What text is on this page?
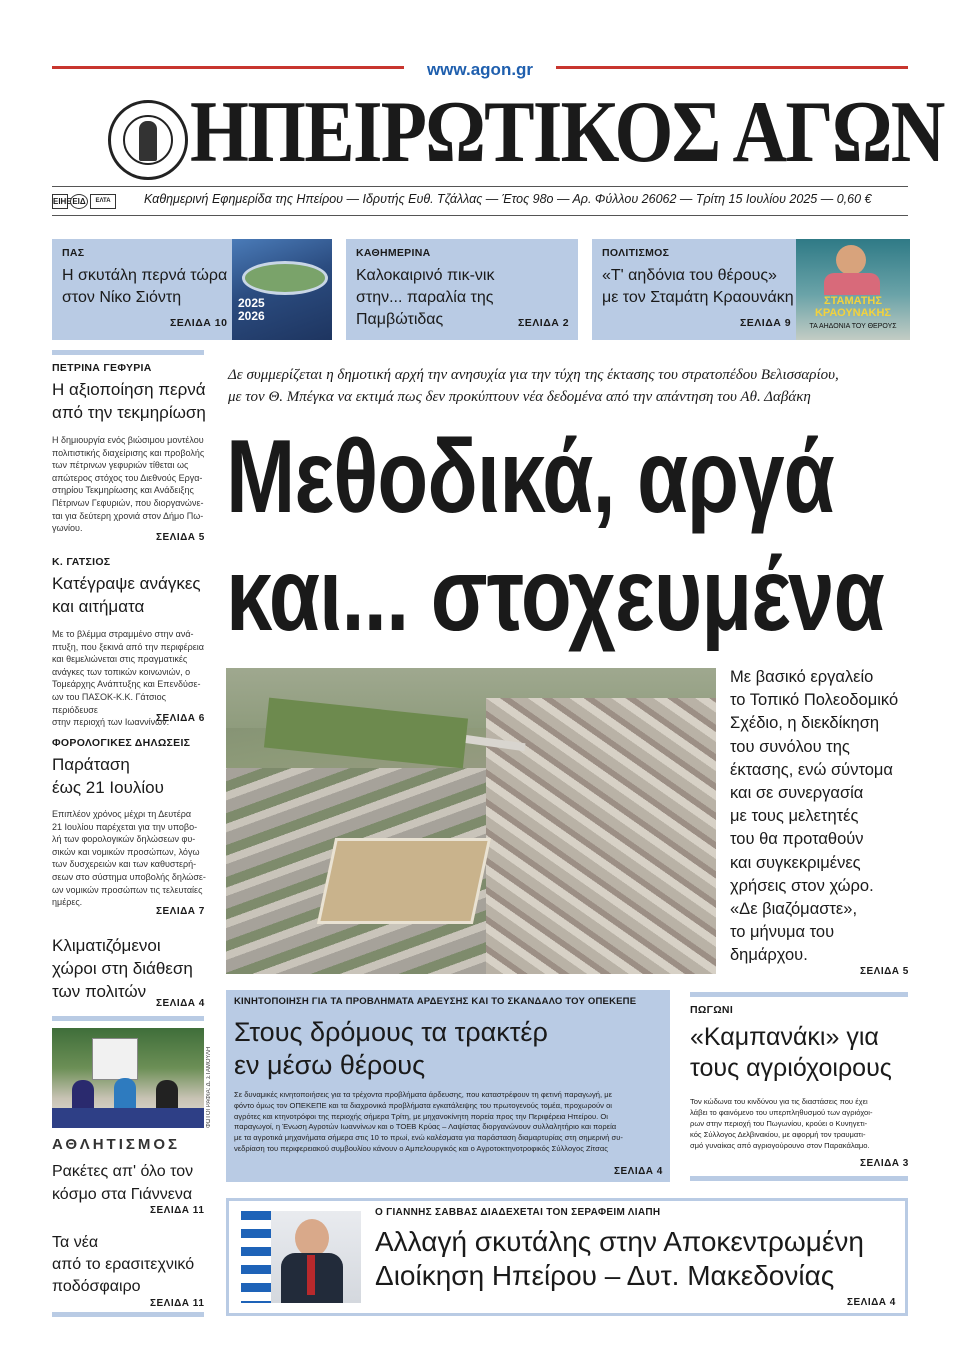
www.agon.gr
ΗΠΕΙΡΩΤΙΚΟΣ ΑΓΩΝ
ΕΙΗΕ ΕΙΔ	ΕΛΤΑ	Καθημερινή Εφημερίδα της Ηπείρου — Ιδρυτής Ευθ. Τζάλλας — Έτος 98ο — Αρ. Φύλλου 26062 — Τρίτη 15 Ιουλίου 2025 — 0,60 €
ΠΑΣ
Η σκυτάλη περνά τώρα
στον Νίκο Σιόντη
ΣΕΛΙΔΑ 10
2025 2026
ΚΑΘΗΜΕΡΙΝΑ
Καλοκαιρινό πικ-νικ
στην... παραλία της Παμβώτιδας	ΣΕΛΙΔΑ 2
ΠΟΛΙΤΙΣΜΟΣ
«Τ' αηδόνια του θέρους»
με τον Σταμάτη Κραουνάκη
ΣΕΛΙΔΑ 9
ΣΤΑΜΑΤΗΣ ΚΡΑΟΥΝΑΚΗΣ
ΤΑ ΑΗΔΟΝΙΑ ΤΟΥ ΘΕΡΟΥΣ
ΠΕΤΡΙΝΑ ΓΕΦΥΡΙΑ
Η αξιοποίηση περνά
από την τεκμηρίωση
Η δημιουργία ενός βιώσιμου μοντέλου
πολιτιστικής διαχείρισης και προβολής
των πέτρινων γεφυριών τίθεται ως
απώτερος στόχος του Διεθνούς Εργα-
στηρίου Τεκμηρίωσης και Ανάδειξης
Πέτρινων Γεφυριών, που διοργανώνε-
ται για δεύτερη χρονιά στον Δήμο Πω-
γωνίου.
ΣΕΛΙΔΑ 5
Κ. ΓΑΤΣΙΟΣ
Κατέγραψε ανάγκες
και αιτήματα
Με το βλέμμα στραμμένο στην ανά-
πτυξη, που ξεκινά από την περιφέρεια
και θεμελιώνεται στις πραγματικές
ανάγκες των τοπικών κοινωνιών, ο
Τομεάρχης Ανάπτυξης και Επενδύσε-
ων του ΠΑΣΟΚ-Κ.Κ. Γάτσιος περιόδευσε
στην περιοχή των Ιωαννίνων.
ΣΕΛΙΔΑ 6
ΦΟΡΟΛΟΓΙΚΕΣ ΔΗΛΩΣΕΙΣ
Παράταση
έως 21 Ιουλίου
Επιπλέον χρόνος μέχρι τη Δευτέρα
21 Ιουλίου παρέχεται για την υποβο-
λή των φορολογικών δηλώσεων φυ-
σικών και νομικών προσώπων, λόγω
των δυσχερειών και των καθυστερή-
σεων στο σύστημα υποβολής δηλώσε-
ων νομικών προσώπων τις τελευταίες
ημέρες.
ΣΕΛΙΔΑ 7
Κλιματιζόμενοι
χώροι στη διάθεση
των πολιτών
ΣΕΛΙΔΑ 4
ΦΩΤΟΓΡΑΦΙΑ: Δ. ΣΤΑΜΟΥΛΗ
ΑΘΛΗΤΙΣΜΟΣ
Ρακέτες απ' όλο τον
κόσμο στα Γιάννενα
ΣΕΛΙΔΑ 11
Τα νέα
από το ερασιτεχνικό
ποδόσφαιρο
ΣΕΛΙΔΑ 11
Δε συμμερίζεται η δημοτική αρχή την ανησυχία για την τύχη της έκτασης του στρατοπέδου Βελισσαρίου,
με τον Θ. Μπέγκα να εκτιμά πως δεν προκύπτουν νέα δεδομένα από την απάντηση του Αθ. Δαβάκη
Μεθοδικά, αργά
και... στοχευμένα
Με βασικό εργαλείο
το Τοπικό Πολεοδομικό
Σχέδιο, η διεκδίκηση
του συνόλου της
έκτασης, ενώ σύντομα
και σε συνεργασία
με τους μελετητές
του θα προταθούν
και συγκεκριμένες
χρήσεις στον χώρο.
«Δε βιαζόμαστε»,
το μήνυμα του
δημάρχου.
ΣΕΛΙΔΑ 5
ΚΙΝΗΤΟΠΟΙΗΣΗ ΓΙΑ ΤΑ ΠΡΟΒΛΗΜΑΤΑ ΑΡΔΕΥΣΗΣ ΚΑΙ ΤΟ ΣΚΑΝΔΑΛΟ ΤΟΥ ΟΠΕΚΕΠΕ
Στους δρόμους τα τρακτέρ
εν μέσω θέρους
Σε δυναμικές κινητοποιήσεις για τα τρέχοντα προβλήματα άρδευσης, που καταστρέφουν τη φετινή παραγωγή, με
φόντο όμως τον ΟΠΕΚΕΠΕ και τα διαχρονικά προβλήματα εγκατάλειψης του πρωτογενούς τομέα, προχωρούν οι
αγρότες και κτηνοτρόφοι της περιοχής σήμερα Τρίτη, με μηχανοκίνητη πορεία προς την Περιφέρεια Ηπείρου. Οι
παραγωγοί, η Ένωση Αγροτών Ιωαννίνων και ο ΤΟΕΒ Κρύας – Λαψίστας διοργανώνουν συλλαλητήριο και πορεία
με τα αγροτικά μηχανήματα σήμερα στις 10 το πρωί, ενώ καλέσματα για παράσταση διαμαρτυρίας στη σημερινή συ-
νεδρίαση του περιφερειακού συμβουλίου κάνουν ο Αμπελουργικός και ο Αγροτοκτηνοτροφικός Σύλλογος Ζίτσας
ΣΕΛΙΔΑ 4
ΠΩΓΩΝΙ
«Καμπανάκι» για
τους αγριόχοιρους
Τον κώδωνα του κινδύνου για τις διαστάσεις που έχει
λάβει το φαινόμενο του υπερπληθυσμού των αγριόχοι-
ρων στην περιοχή του Πωγωνίου, κρούει ο Κυνηγετι-
κός Σύλλογος Δελβινακίου, με αφορμή τον τραυματι-
σμό γυναίκας από αγριογούρουνο στον Παρακάλαμο.
ΣΕΛΙΔΑ 3
Ο ΓΙΑΝΝΗΣ ΣΑΒΒΑΣ ΔΙΑΔΕΧΕΤΑΙ ΤΟΝ ΣΕΡΑΦΕΙΜ ΛΙΑΠΗ
Αλλαγή σκυτάλης στην Αποκεντρωμένη
Διοίκηση Ηπείρου – Δυτ. Μακεδονίας
ΣΕΛΙΔΑ 4
